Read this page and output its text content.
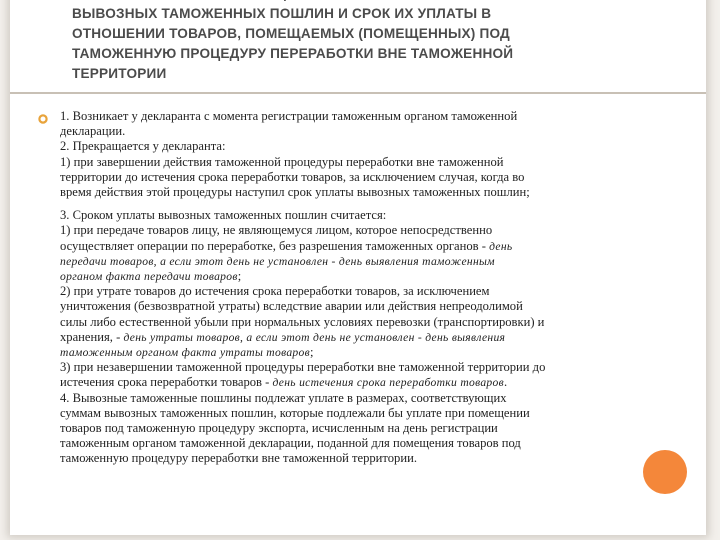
ВЫВОЗНЫХ ТАМОЖЕННЫХ ПОШЛИН И СРОК ИХ УПЛАТЫ В
ОТНОШЕНИИ ТОВАРОВ, ПОМЕЩАЕМЫХ (ПОМЕЩЕННЫХ) ПОД
ТАМОЖЕННУЮ ПРОЦЕДУРУ ПЕРЕРАБОТКИ ВНЕ ТАМОЖЕННОЙ
ТЕРРИТОРИИ

1. Возникает у декларанта с момента регистрации таможенным органом таможенной

декларации.

2. Прекращается у декларанта:

1) при завершении действия таможенной процедуры переработки вне таможенной

территории до истечения срока переработки товаров, за исключением случая, когда во

время действия этой процедуры наступил срок уплаты вывозных таможенных пошлин;

3. Сроком уплаты вывозных таможенных пошлин считается:

1) при передаче товаров лицу, не являющемуся лицом, которое непосредственно

осуществляет операции по переработке, без разрешения таможенных органов - день

передачи товаров, а если этот день не установлен - день выявления таможенным

органом факта передачи товаров;

2) при утрате товаров до истечения срока переработки товаров, за исключением

уничтожения (безвозвратной утраты) вследствие аварии или действия непреодолимой

силы либо естественной убыли при нормальных условиях перевозки (транспортировки) и

хранения, - день утраты товаров, а если этот день не установлен - день выявления

таможенным органом факта утраты товаров;

3) при незавершении таможенной процедуры переработки вне таможенной территории до

истечения срока переработки товаров - день истечения срока переработки товаров.

4. Вывозные таможенные пошлины подлежат уплате в размерах, соответствующих

суммам вывозных таможенных пошлин, которые подлежали бы уплате при помещении

товаров под таможенную процедуру экспорта, исчисленным на день регистрации

таможенным органом таможенной декларации, поданной для помещения товаров под

таможенную процедуру переработки вне таможенной территории.
